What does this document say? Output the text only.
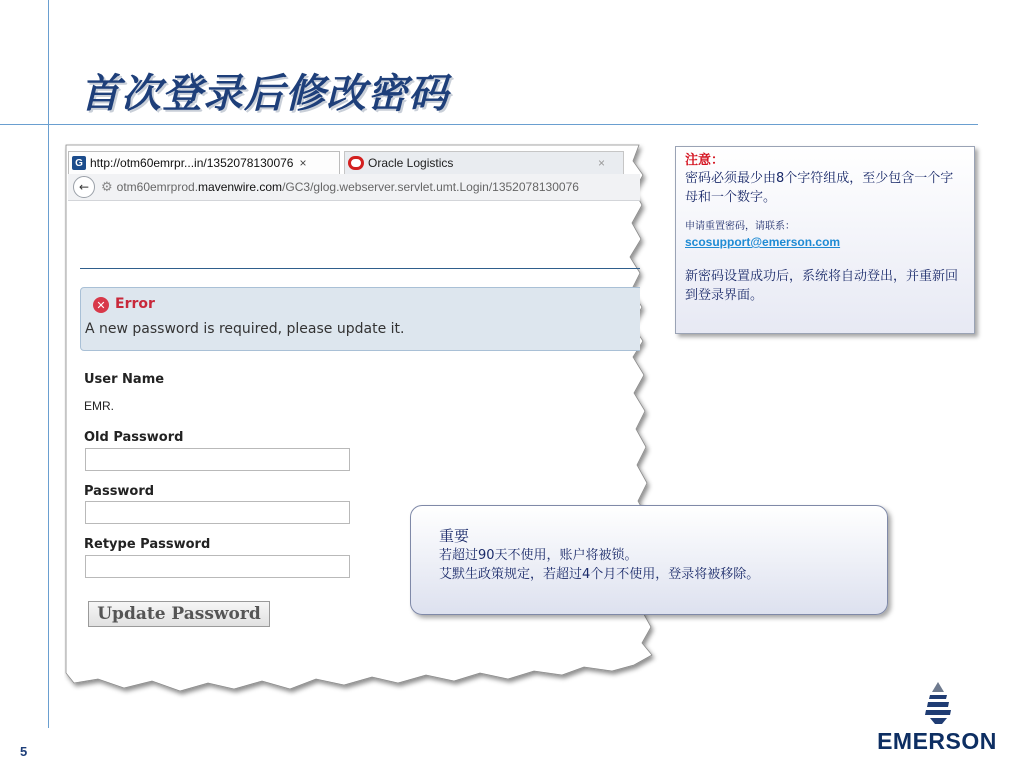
首次登录后修改密码
G http://otm60emrpr...in/1352078130076 ×	Oracle Logistics	×
← ⚙ otm60emrprod.mavenwire.com/GC3/glog.webserver.servlet.umt.Login/1352078130076
✕ Error
A new password is required, please update it.
User Name
EMR.
Old Password
Password
Retype Password
Update Password
注意：
密码必须最少由8个字符组成，至少包含一个字母和一个数字。
申请重置密码，请联系：
scosupport@emerson.com
新密码设置成功后，系统将自动登出，并重新回到登录界面。
重要
若超过90天不使用，账户将被锁。
艾默生政策规定，若超过4个月不使用，登录将被移除。
5	EMERSON
